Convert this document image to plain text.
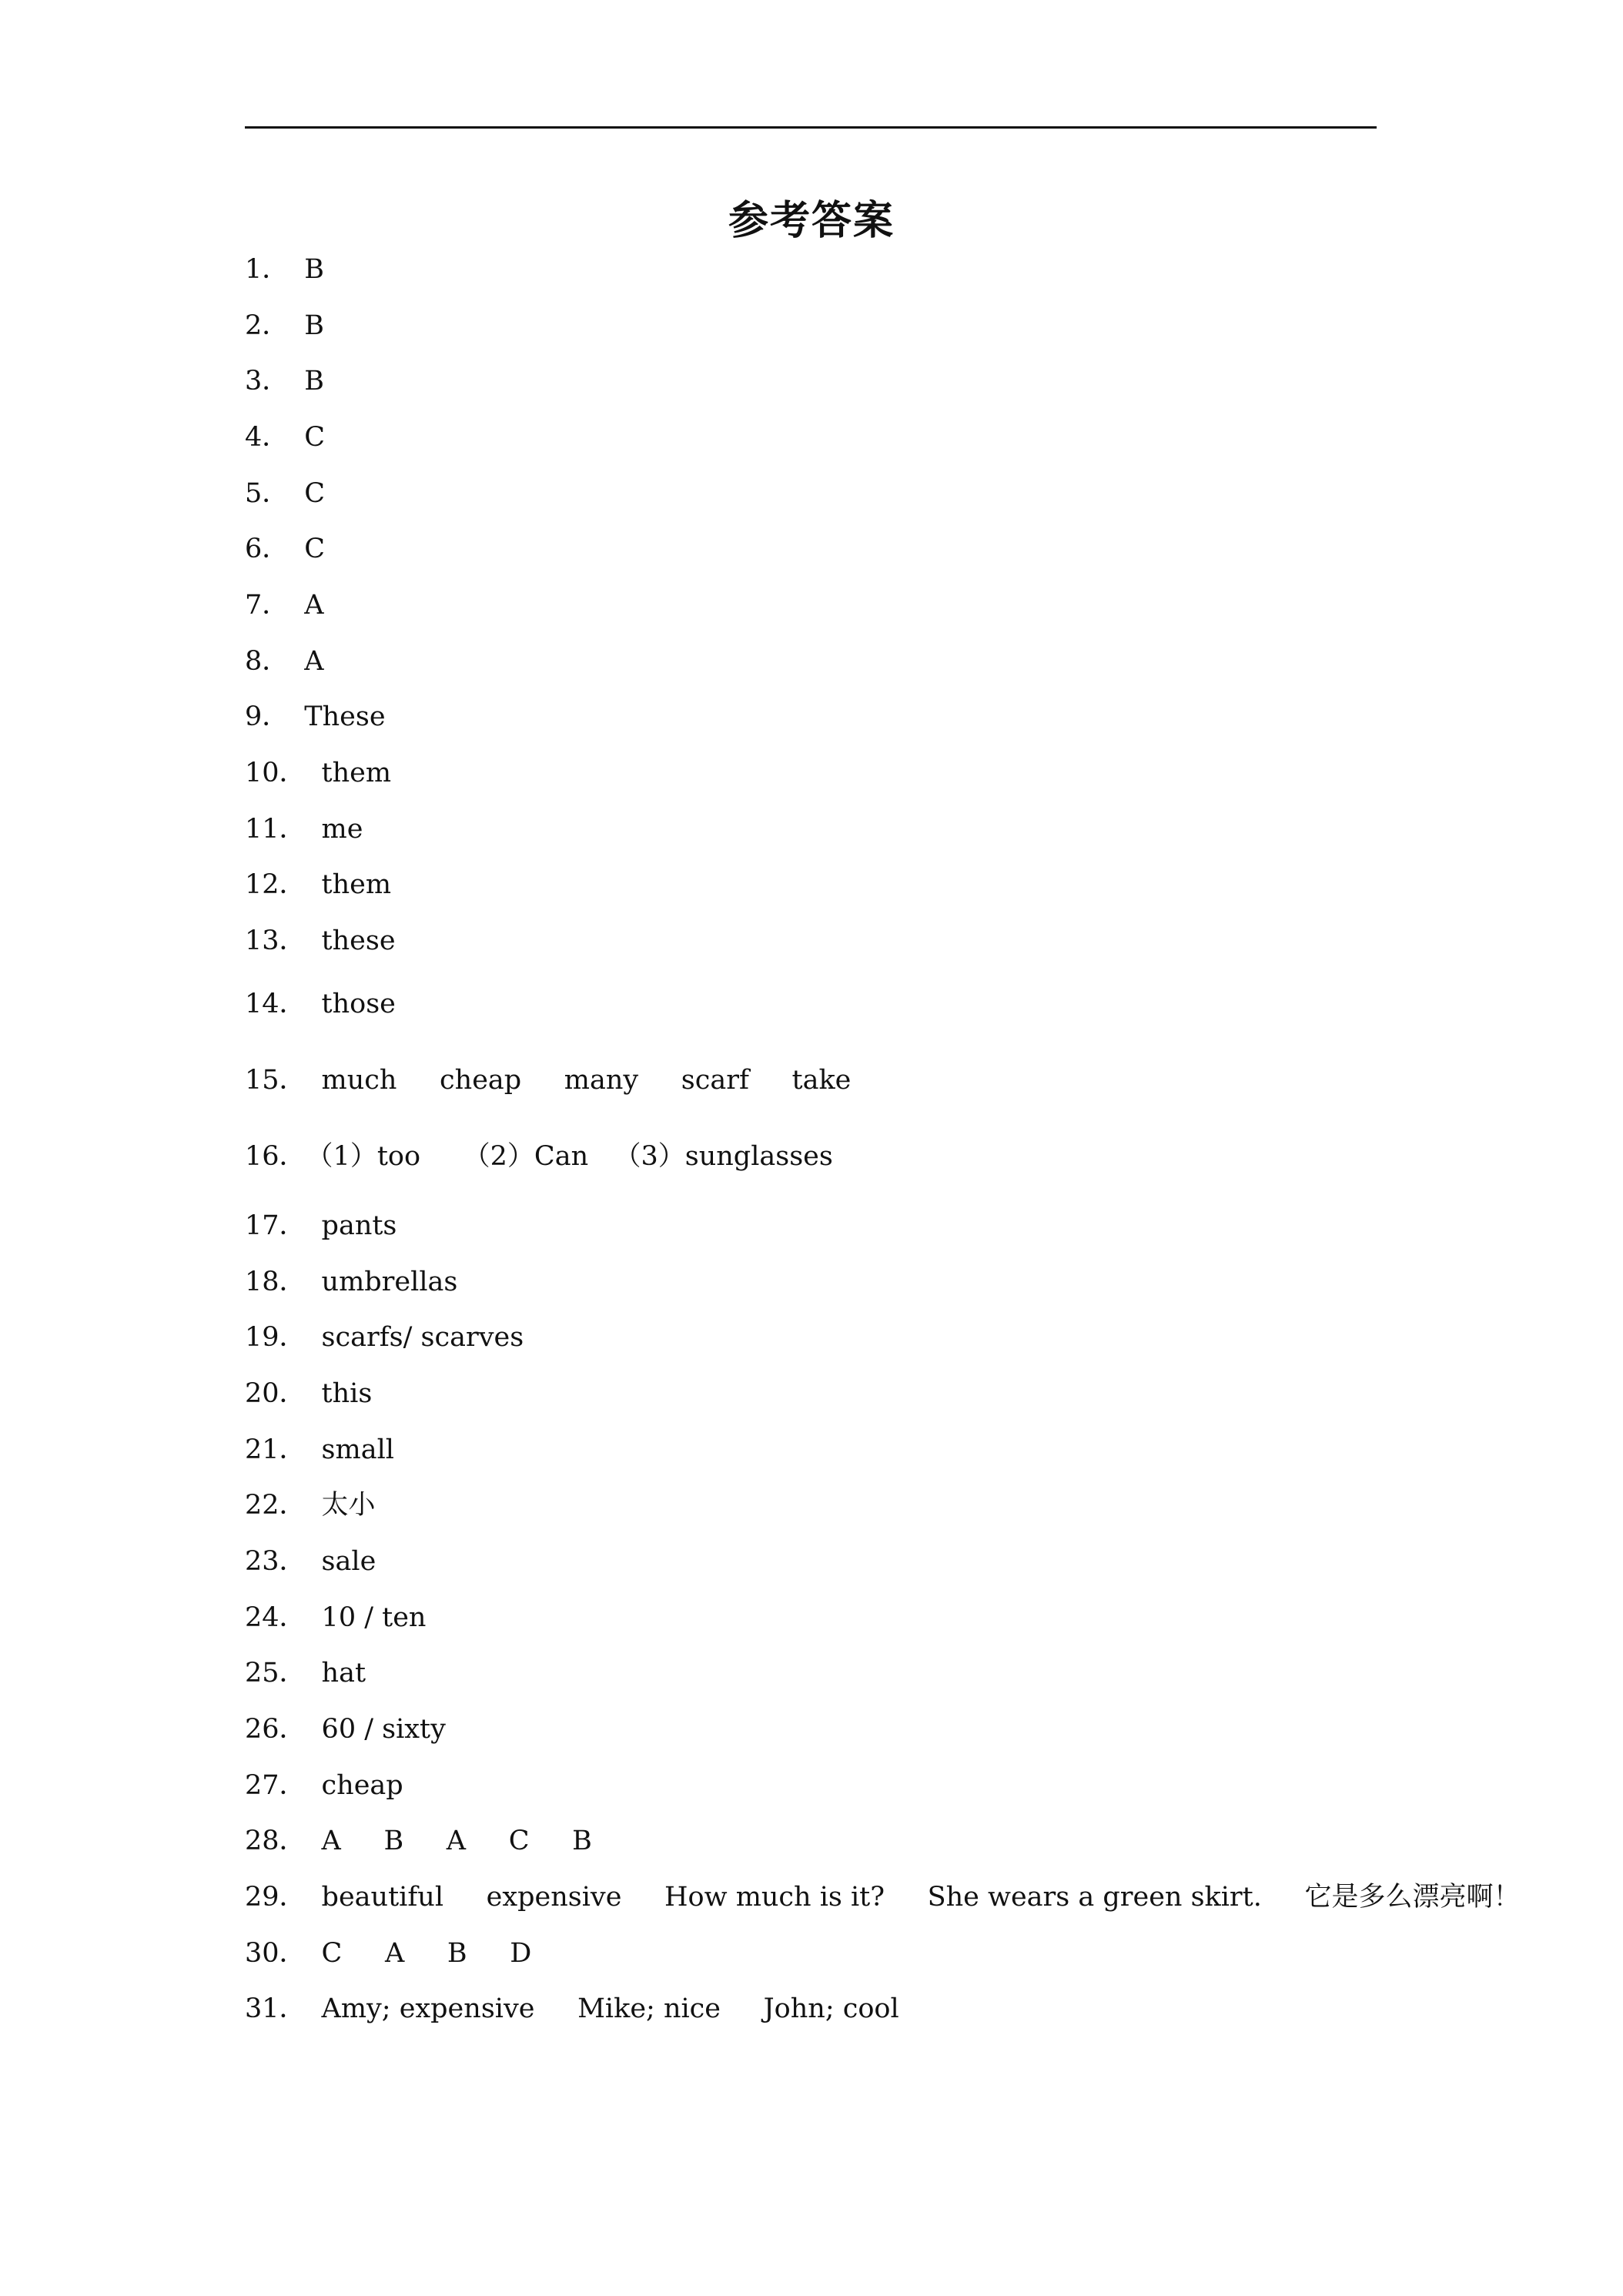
参考答案
1． B
2． B
3． B
4． C
5． C
6． C
7． A
8． A
9． These
10． them
11． me
12． them
13． these
14． those
15． much     cheap     many     scarf     take
16．（1）too     （2）Can   （3）sunglasses
17． pants
18． umbrellas
19． scarfs/ scarves
20． this
21． small
22． 太小
23． sale
24． 10 / ten
25． hat
26． 60 / sixty
27． cheap
28． A     B     A     C     B
29． beautiful     expensive     How much is it?     She wears a green skirt.     它是多么漂亮啊！
30． C     A     B     D
31． Amy; expensive     Mike; nice     John; cool
